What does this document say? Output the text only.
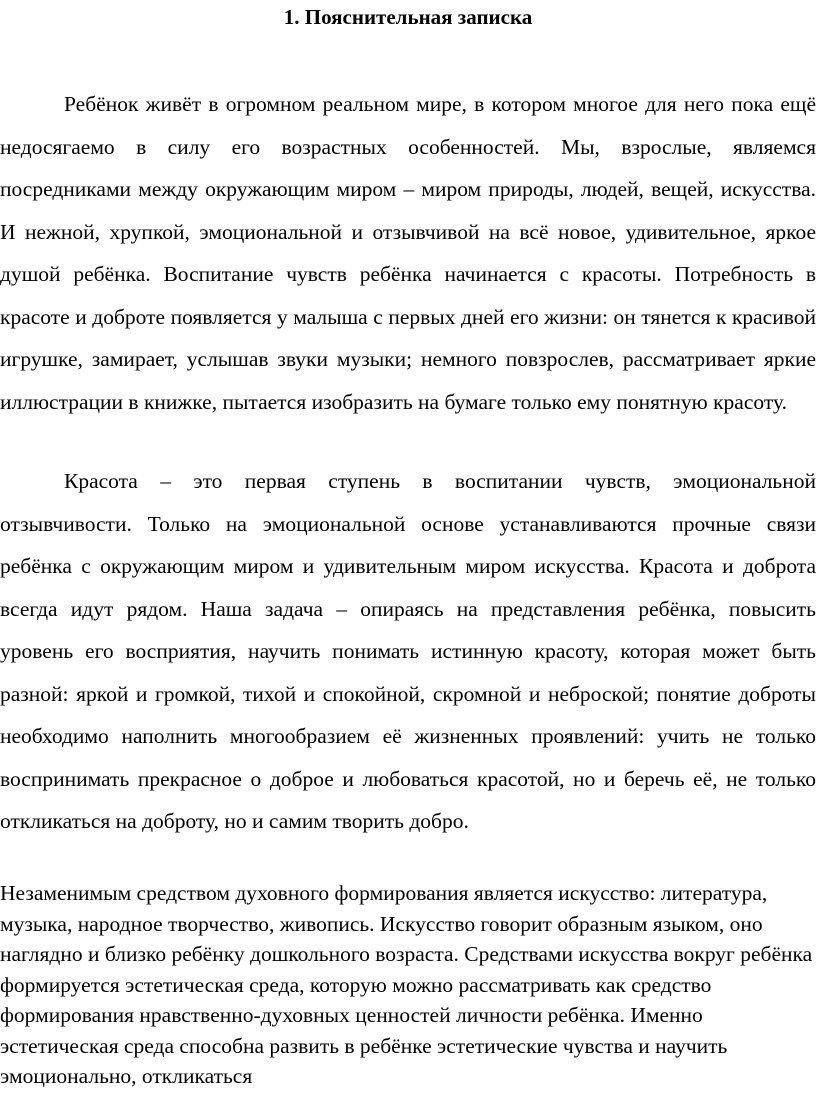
1. Пояснительная записка

Ребёнок живёт в огромном реальном мире, в котором многое для него пока ещё недосягаемо в силу его возрастных особенностей. Мы, взрослые, являемся посредниками между окружающим миром – миром природы, людей, вещей, искусства. И нежной, хрупкой, эмоциональной и отзывчивой на всё новое, удивительное, яркое душой ребёнка. Воспитание чувств ребёнка начинается с красоты. Потребность в красоте и доброте появляется у малыша с первых дней его жизни: он тянется к красивой игрушке, замирает, услышав звуки музыки; немного повзрослев, рассматривает яркие иллюстрации в книжке, пытается изобразить на бумаге только ему понятную красоту.

Красота – это первая ступень в воспитании чувств, эмоциональной отзывчивости. Только на эмоциональной основе устанавливаются прочные связи ребёнка с окружающим миром и удивительным миром искусства. Красота и доброта всегда идут рядом. Наша задача – опираясь на представления ребёнка, повысить уровень его восприятия, научить понимать истинную красоту, которая может быть разной: яркой и громкой, тихой и спокойной, скромной и неброской; понятие доброты необходимо наполнить многообразием её жизненных проявлений: учить не только воспринимать прекрасное о доброе и любоваться красотой, но и беречь её, не только откликаться на доброту, но и самим творить добро.

Незаменимым средством духовного формирования является искусство: литература, музыка, народное творчество, живопись. Искусство говорит образным языком, оно наглядно и близко ребёнку дошкольного возраста. Средствами искусства вокруг ребёнка формируется эстетическая среда, которую можно рассматривать как средство формирования нравственно-духовных ценностей личности ребёнка. Именно эстетическая среда способна развить в ребёнке эстетические чувства и научить эмоционально, откликаться
